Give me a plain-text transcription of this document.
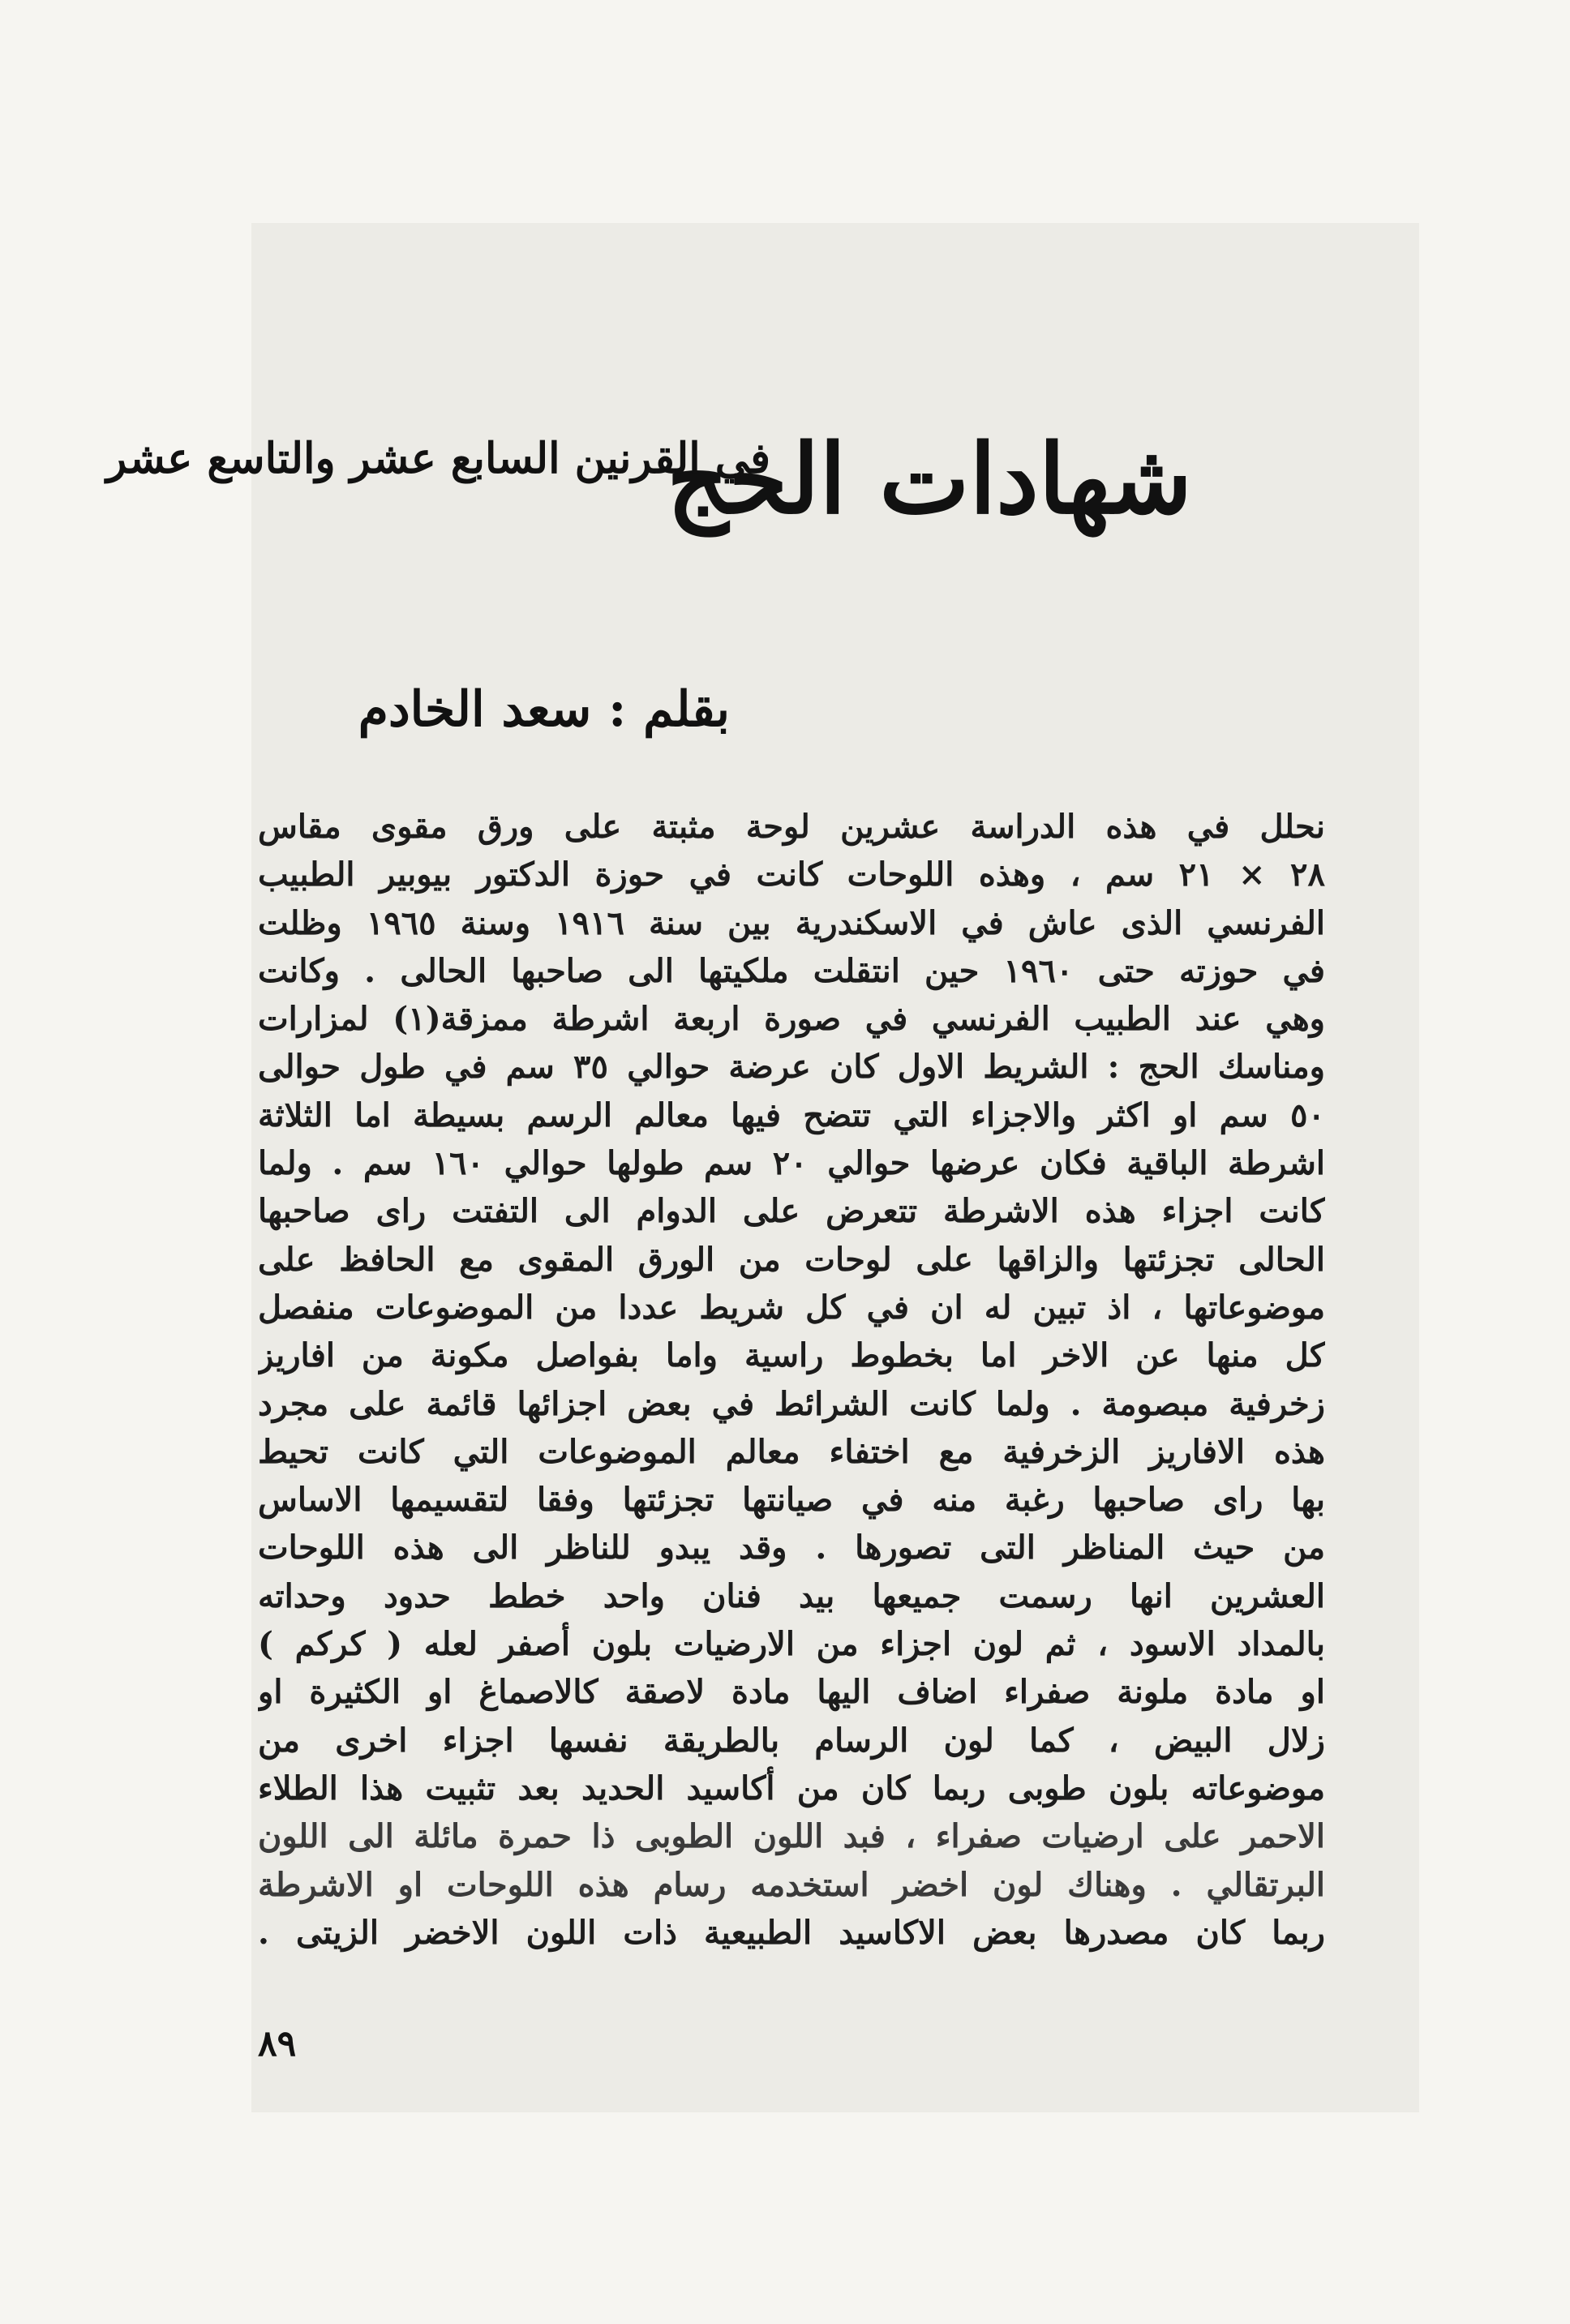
شهادات الحج
في القرنين السابع عشر والتاسع عشر
بقلم : سعد الخادم
نحلل في هذه الدراسة عشرين لوحة مثبتة على ورق مقوى مقاس
٢٨ × ٢١ سم ، وهذه اللوحات كانت في حوزة الدكتور بيوبير الطبيب
الفرنسي الذى عاش في الاسكندرية بين سنة ١٩١٦ وسنة ١٩٦٥ وظلت
في حوزته حتى ١٩٦٠ حين انتقلت ملكيتها الى صاحبها الحالى . وكانت
وهي عند الطبيب الفرنسي في صورة اربعة اشرطة ممزقة(١) لمزارات
ومناسك الحج : الشريط الاول كان عرضة حوالي ٣٥ سم في طول حوالى
٥٠ سم او اكثر والاجزاء التي تتضح فيها معالم الرسم بسيطة اما الثلاثة
اشرطة الباقية فكان عرضها حوالي ٢٠ سم طولها حوالي ١٦٠ سم . ولما
كانت اجزاء هذه الاشرطة تتعرض على الدوام الى التفتت راى صاحبها
الحالى تجزئتها والزاقها على لوحات من الورق المقوى مع الحافظ على
موضوعاتها ، اذ تبين له ان في كل شريط عددا من الموضوعات منفصل
كل منها عن الاخر اما بخطوط راسية واما بفواصل مكونة من افاريز
زخرفية مبصومة . ولما كانت الشرائط في بعض اجزائها قائمة على مجرد
هذه الافاريز الزخرفية مع اختفاء معالم الموضوعات التي كانت تحيط
بها راى صاحبها رغبة منه في صيانتها تجزئتها وفقا لتقسيمها الاساس
من حيث المناظر التى تصورها . وقد يبدو للناظر الى هذه اللوحات
العشرين انها رسمت جميعها بيد فنان واحد خطط حدود وحداته
بالمداد الاسود ، ثم لون اجزاء من الارضيات بلون أصفر لعله ( كركم )
او مادة ملونة صفراء اضاف اليها مادة لاصقة كالاصماغ او الكثيرة او
زلال البيض ، كما لون الرسام بالطريقة نفسها اجزاء اخرى من
موضوعاته بلون طوبى ربما كان من أكاسيد الحديد بعد تثبيت هذا الطلاء
الاحمر على ارضيات صفراء ، فبد اللون الطوبى ذا حمرة مائلة الى اللون
البرتقالي . وهناك لون اخضر استخدمه رسام هذه اللوحات او الاشرطة
ربما كان مصدرها بعض الاكاسيد الطبيعية ذات اللون الاخضر الزيتى .
٨٩
